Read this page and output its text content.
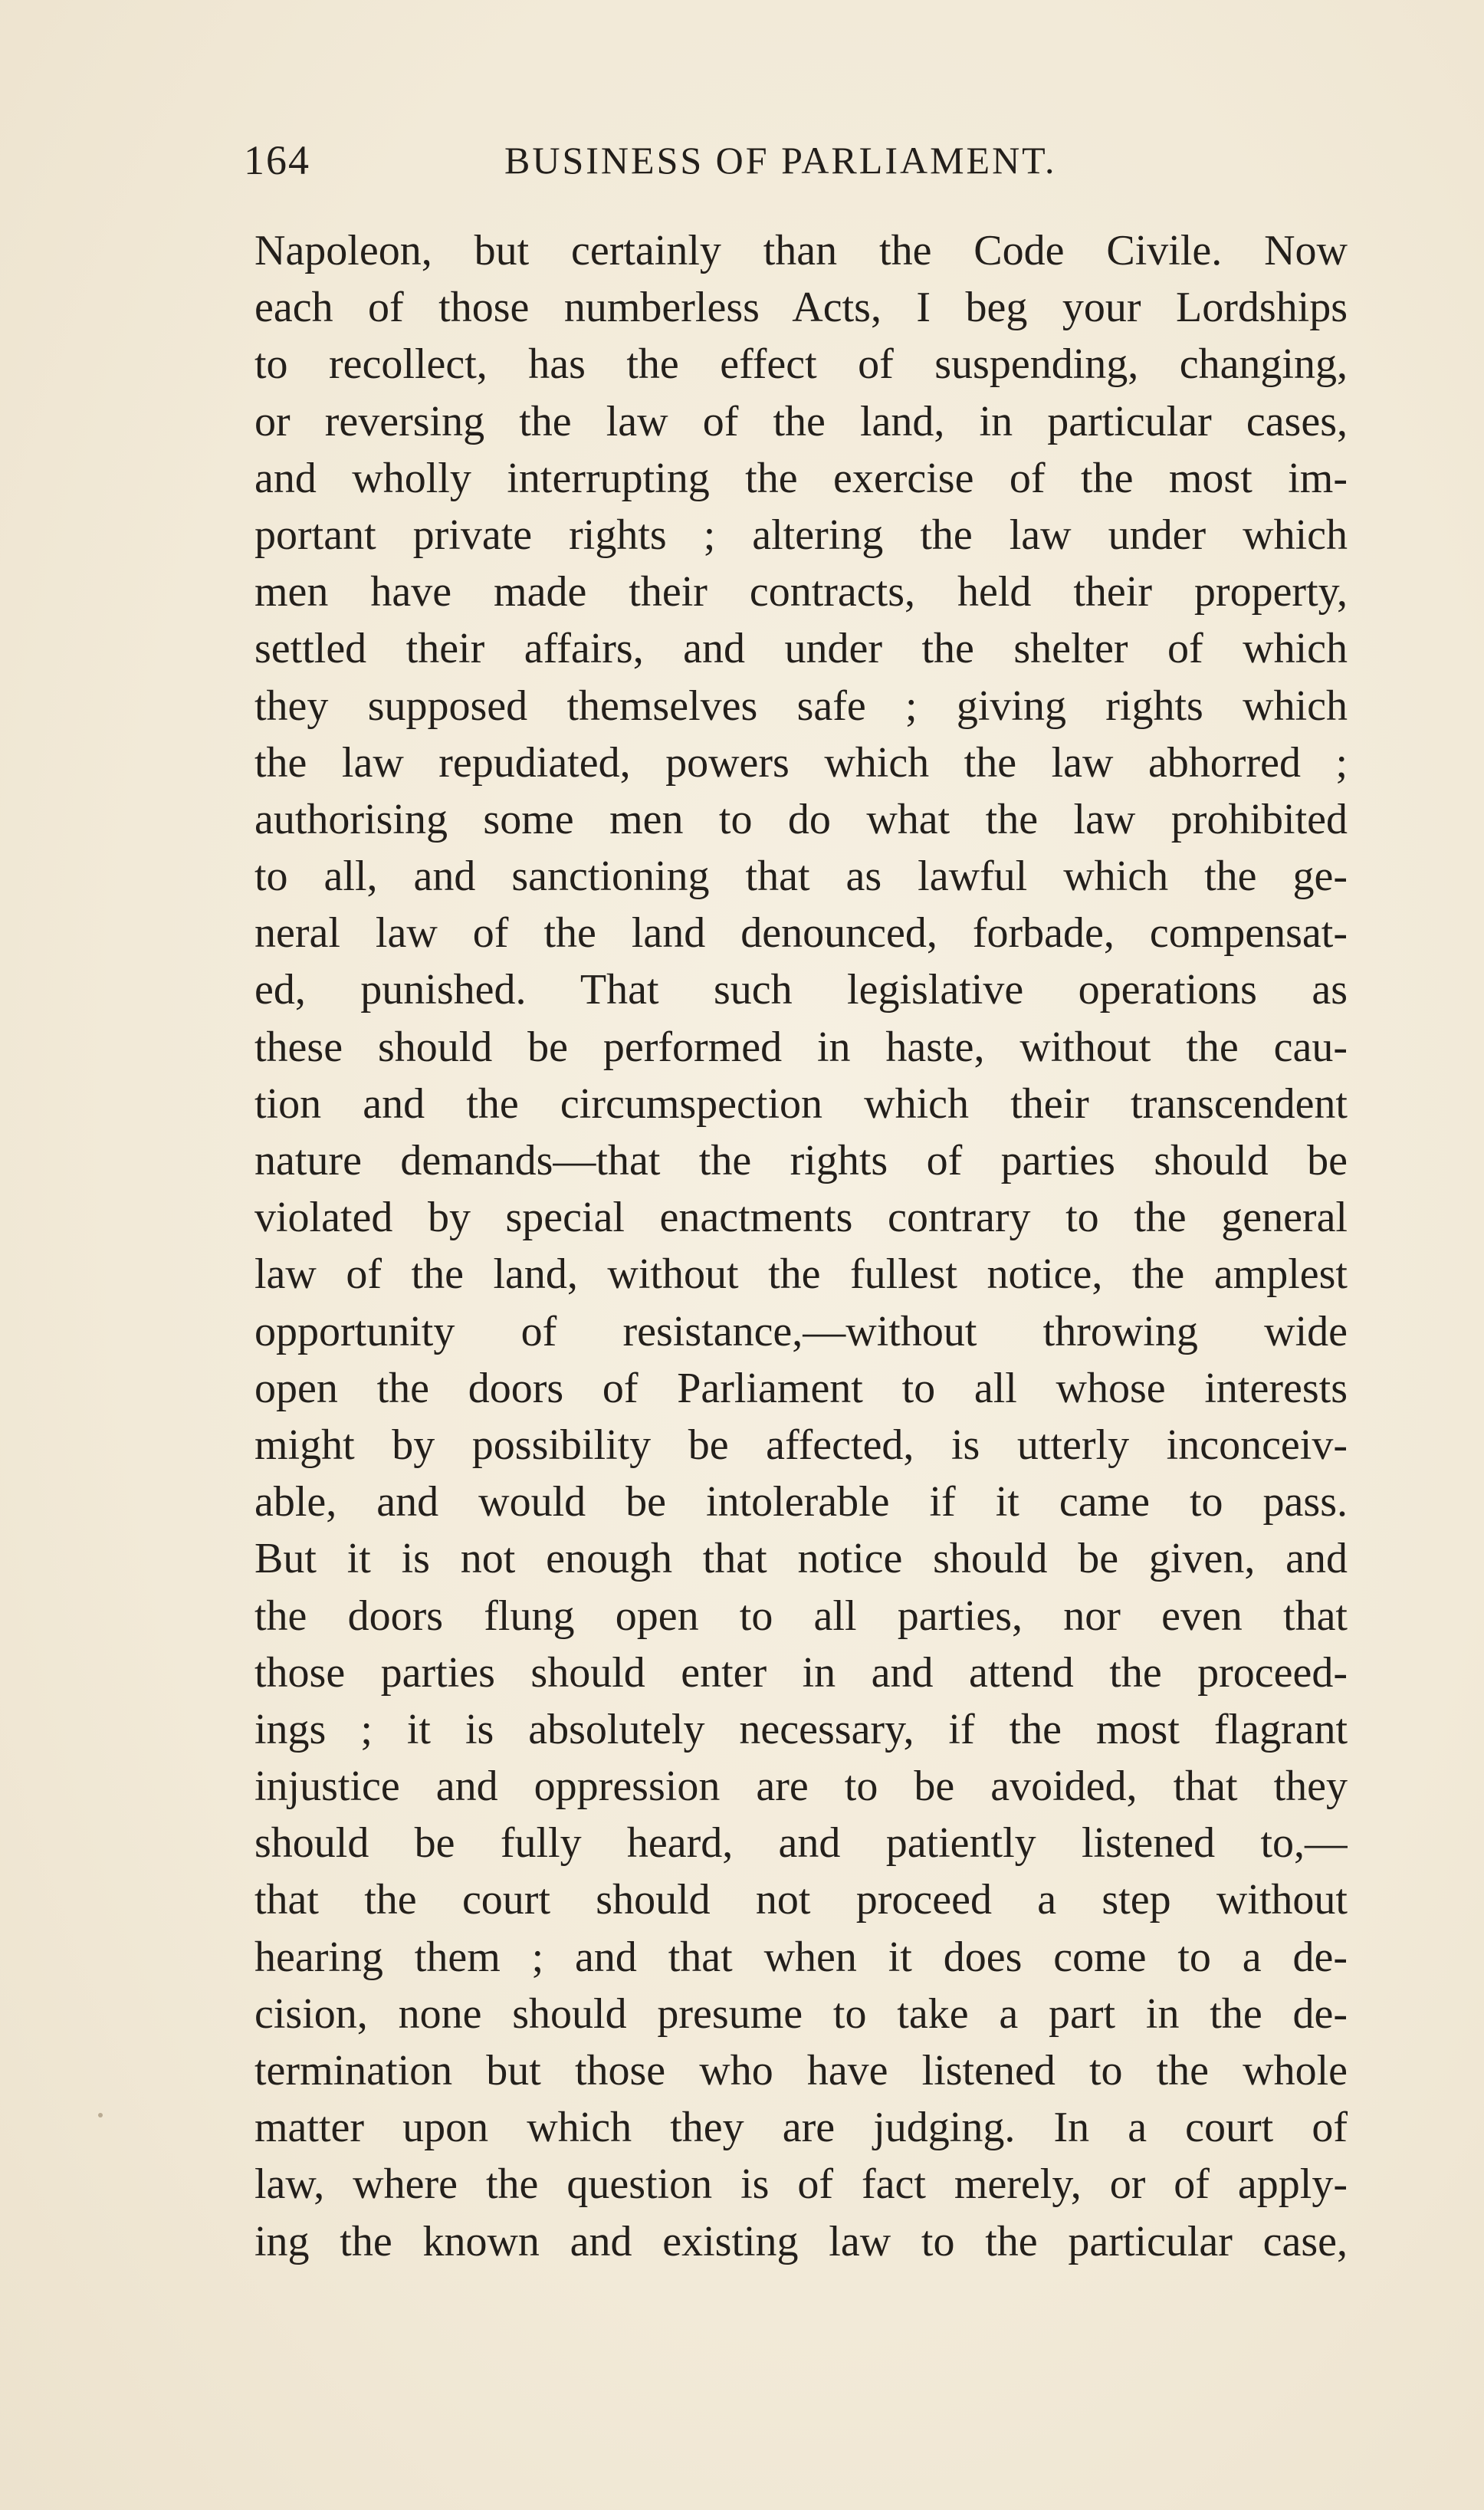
164	BUSINESS OF PARLIAMENT.
Napoleon, but certainly than the Code Civile. Now
each of those numberless Acts, I beg your Lordships
to recollect, has the effect of suspending, changing,
or reversing the law of the land, in particular cases,
and wholly interrupting the exercise of the most im-
portant private rights ; altering the law under which
men have made their contracts, held their property,
settled their affairs, and under the shelter of which
they supposed themselves safe ; giving rights which
the law repudiated, powers which the law abhorred ;
authorising some men to do what the law prohibited
to all, and sanctioning that as lawful which the ge-
neral law of the land denounced, forbade, compensat-
ed, punished. That such legislative operations as
these should be performed in haste, without the cau-
tion and the circumspection which their transcendent
nature demands—that the rights of parties should be
violated by special enactments contrary to the general
law of the land, without the fullest notice, the amplest
opportunity of resistance,—without throwing wide
open the doors of Parliament to all whose interests
might by possibility be affected, is utterly inconceiv-
able, and would be intolerable if it came to pass.
But it is not enough that notice should be given, and
the doors flung open to all parties, nor even that
those parties should enter in and attend the proceed-
ings ; it is absolutely necessary, if the most flagrant
injustice and oppression are to be avoided, that they
should be fully heard, and patiently listened to,—
that the court should not proceed a step without
hearing them ; and that when it does come to a de-
cision, none should presume to take a part in the de-
termination but those who have listened to the whole
matter upon which they are judging. In a court of
law, where the question is of fact merely, or of apply-
ing the known and existing law to the particular case,
